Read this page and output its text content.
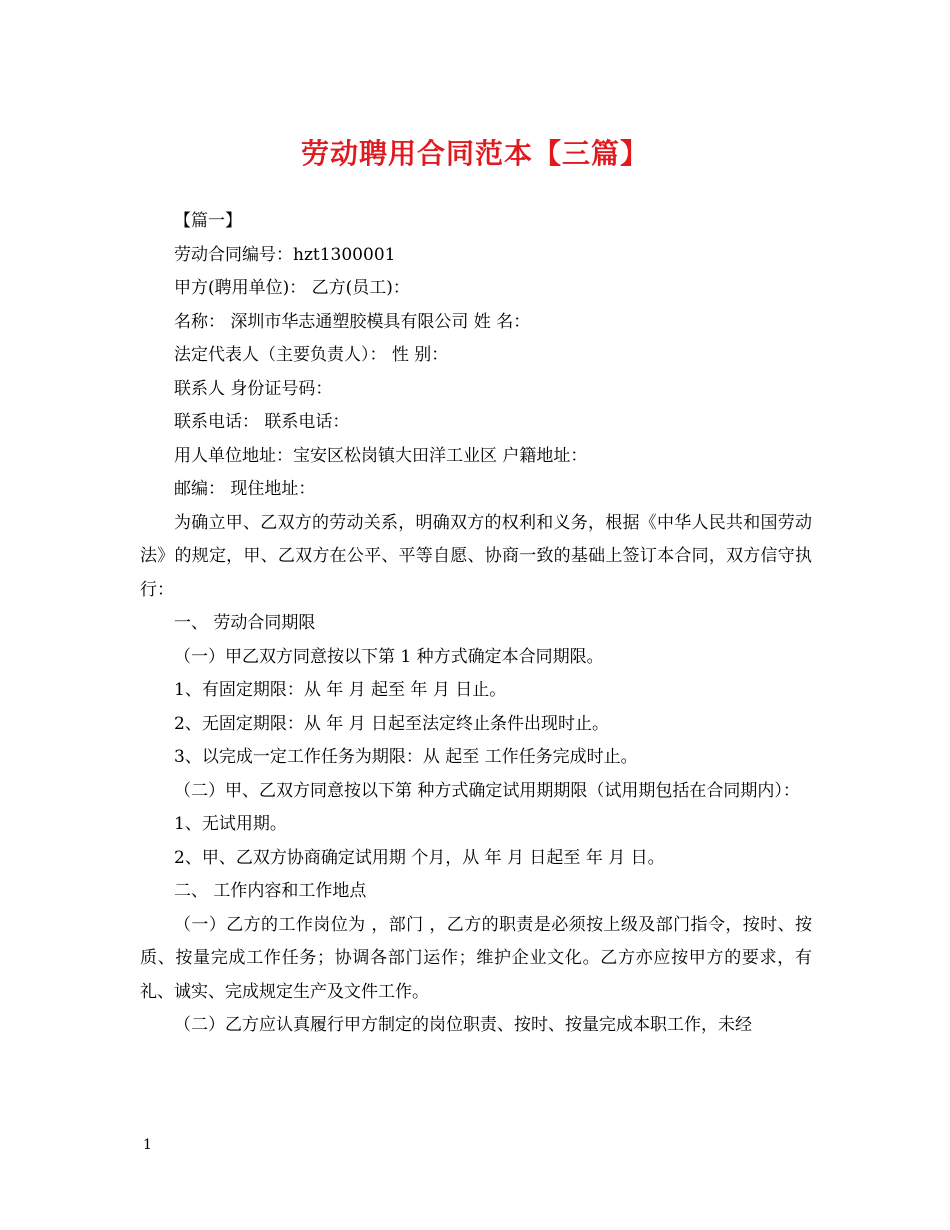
劳动聘用合同范本【三篇】

【篇一】

劳动合同编号：hzt1300001

甲方(聘用单位)： 乙方(员工)：

名称： 深圳市华志通塑胶模具有限公司 姓 名：

法定代表人（主要负责人）： 性 别：

联系人 身份证号码：

联系电话： 联系电话：

用人单位地址：宝安区松岗镇大田洋工业区 户籍地址：

邮编： 现住地址：

为确立甲、乙双方的劳动关系，明确双方的权利和义务，根据《中华人民共和国劳动法》的规定，甲、乙双方在公平、平等自愿、协商一致的基础上签订本合同，双方信守执行：

一、 劳动合同期限

（一）甲乙双方同意按以下第 1 种方式确定本合同期限。

1、有固定期限：从 年 月 起至 年 月 日止。

2、无固定期限：从 年 月 日起至法定终止条件出现时止。

3、以完成一定工作任务为期限：从 起至 工作任务完成时止。

（二）甲、乙双方同意按以下第 种方式确定试用期期限（试用期包括在合同期内）：

1、无试用期。

2、甲、乙双方协商确定试用期 个月，从 年 月 日起至 年 月 日。

二、 工作内容和工作地点

（一）乙方的工作岗位为 ，部门 ，乙方的职责是必须按上级及部门指令，按时、按质、按量完成工作任务；协调各部门运作；维护企业文化。乙方亦应按甲方的要求，有礼、诚实、完成规定生产及文件工作。

（二）乙方应认真履行甲方制定的岗位职责、按时、按量完成本职工作，未经

1
